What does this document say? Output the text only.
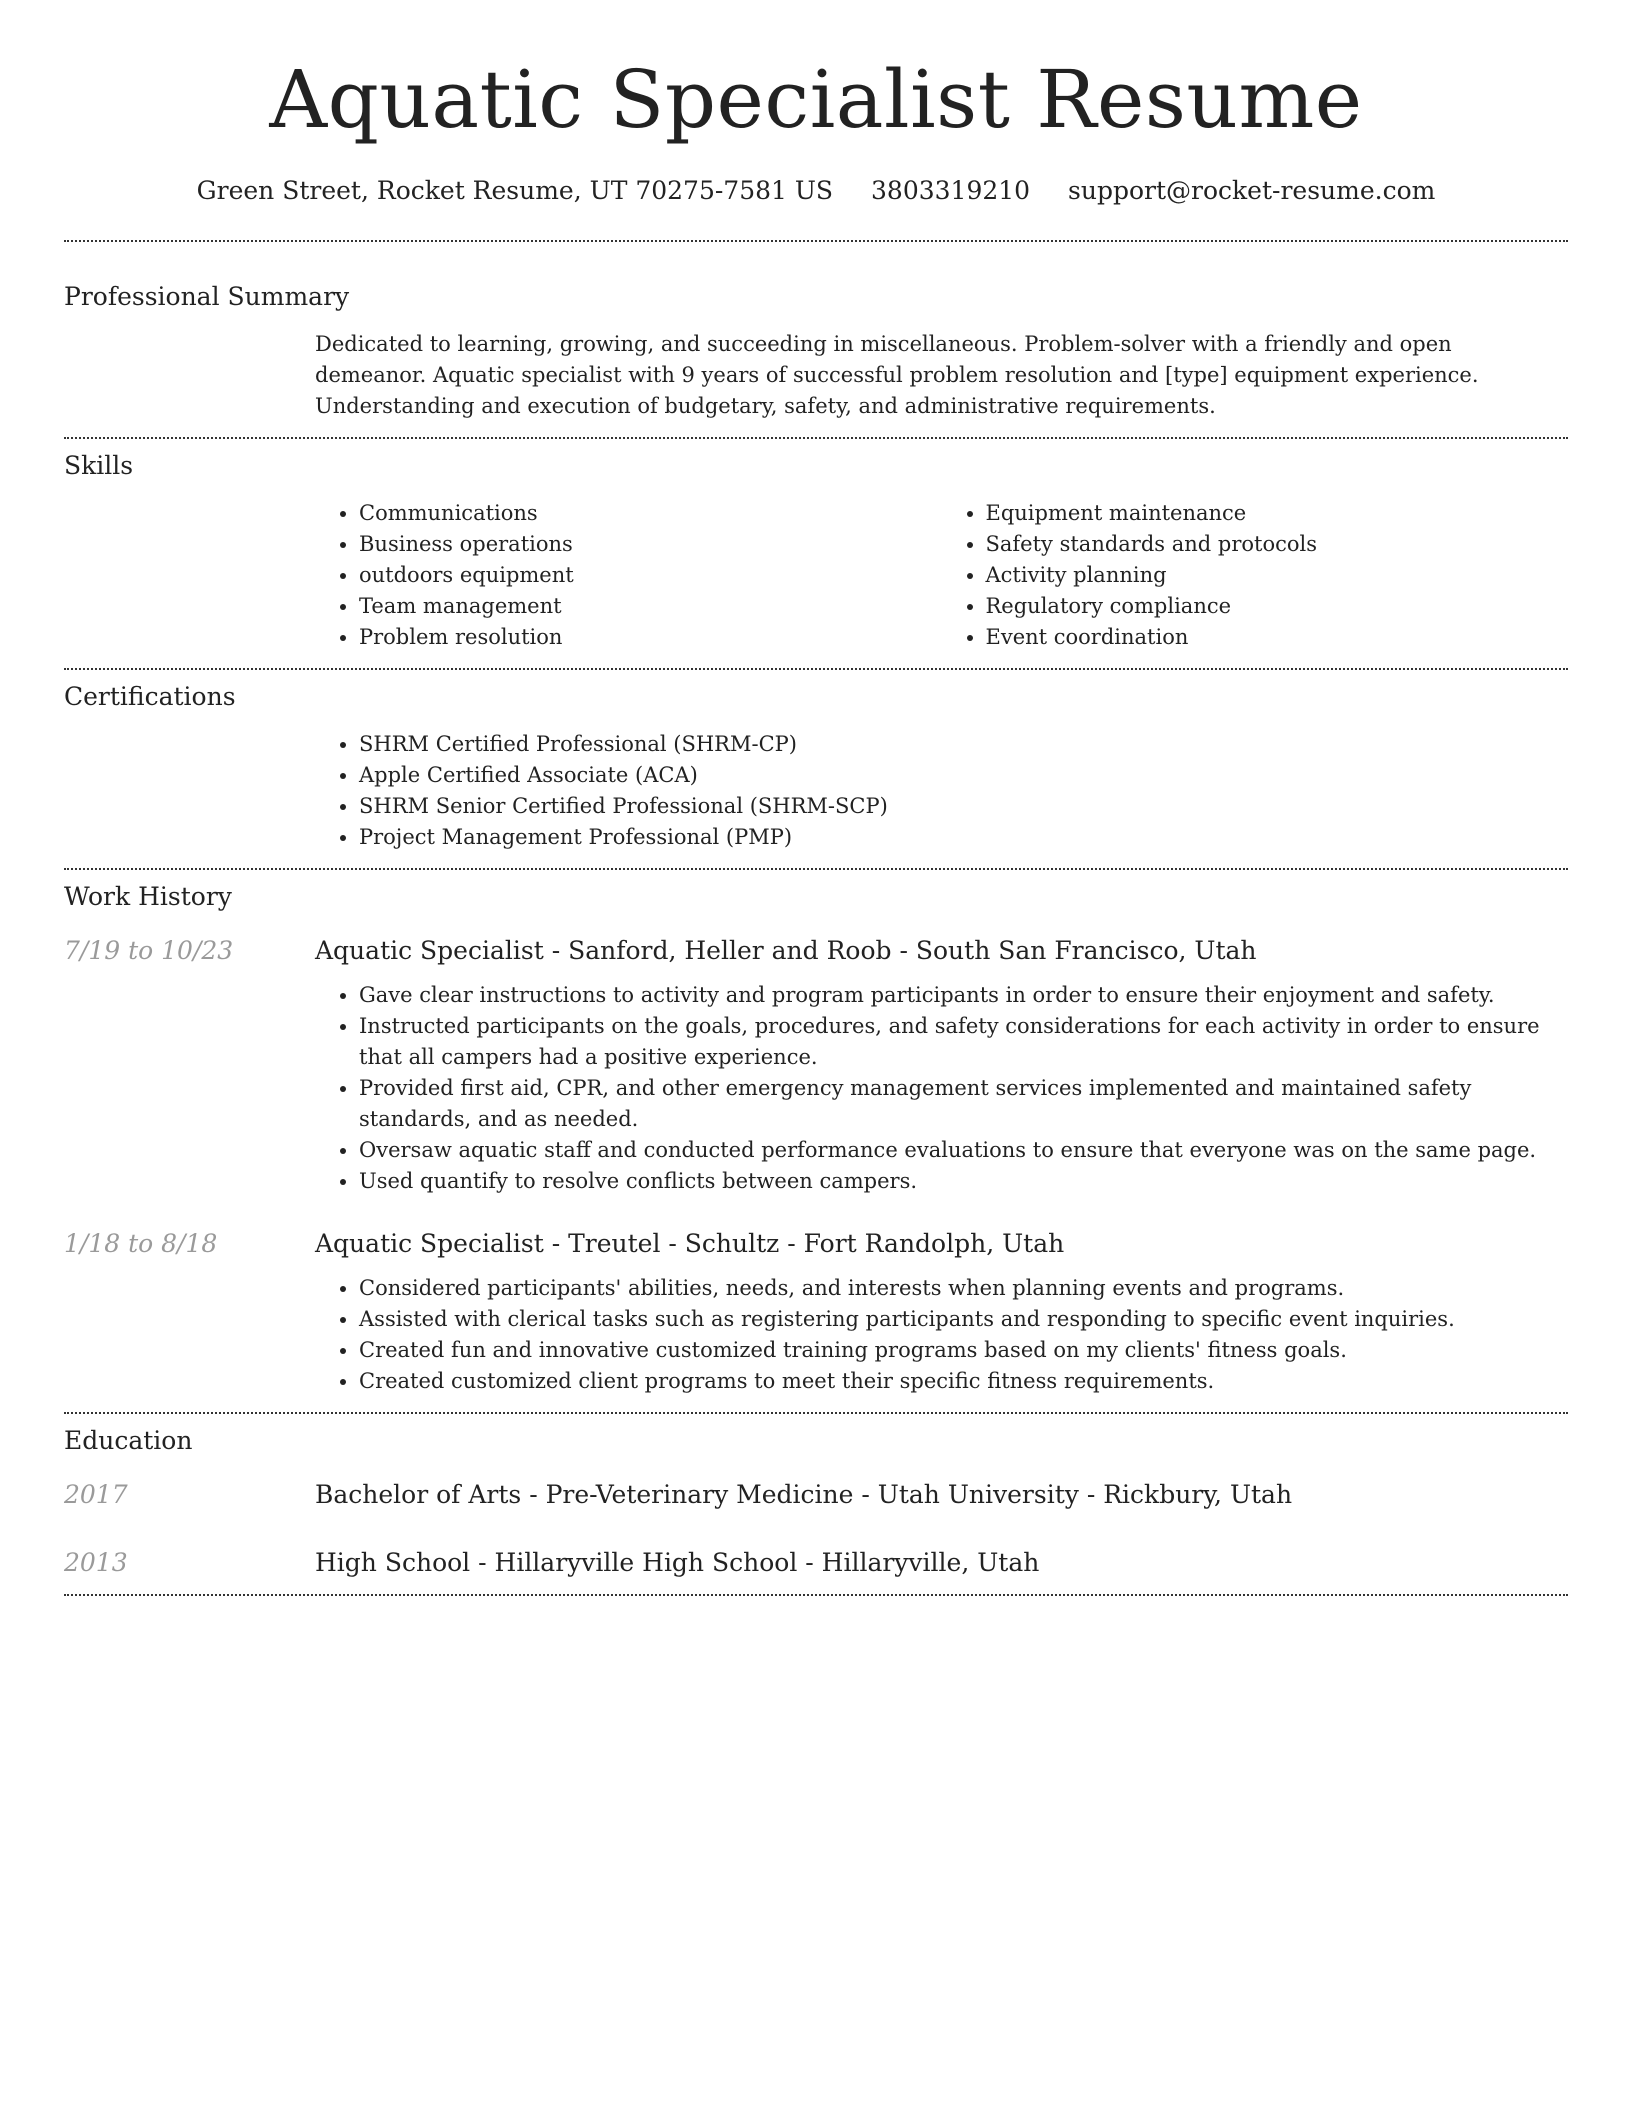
Aquatic Specialist Resume
Green Street, Rocket Resume, UT 70275-7581 US 3803319210 support@rocket-resume.com
Professional Summary
Dedicated to learning, growing, and succeeding in miscellaneous. Problem-solver with a friendly and open demeanor. Aquatic specialist with 9 years of successful problem resolution and [type] equipment experience. Understanding and execution of budgetary, safety, and administrative requirements.
Skills
• Communications
• Business operations
• outdoors equipment
• Team management
• Problem resolution
• Equipment maintenance
• Safety standards and protocols
• Activity planning
• Regulatory compliance
• Event coordination
Certifications
• SHRM Certified Professional (SHRM-CP)
• Apple Certified Associate (ACA)
• SHRM Senior Certified Professional (SHRM-SCP)
• Project Management Professional (PMP)
Work History
7/19 to 10/23	Aquatic Specialist - Sanford, Heller and Roob - South San Francisco, Utah
• Gave clear instructions to activity and program participants in order to ensure their enjoyment and safety.
• Instructed participants on the goals, procedures, and safety considerations for each activity in order to ensure that all campers had a positive experience.
• Provided first aid, CPR, and other emergency management services implemented and maintained safety standards, and as needed.
• Oversaw aquatic staff and conducted performance evaluations to ensure that everyone was on the same page.
• Used quantify to resolve conflicts between campers.
1/18 to 8/18	Aquatic Specialist - Treutel - Schultz - Fort Randolph, Utah
• Considered participants' abilities, needs, and interests when planning events and programs.
• Assisted with clerical tasks such as registering participants and responding to specific event inquiries.
• Created fun and innovative customized training programs based on my clients' fitness goals.
• Created customized client programs to meet their specific fitness requirements.
Education
2017	Bachelor of Arts - Pre-Veterinary Medicine - Utah University - Rickbury, Utah
2013	High School - Hillaryville High School - Hillaryville, Utah
